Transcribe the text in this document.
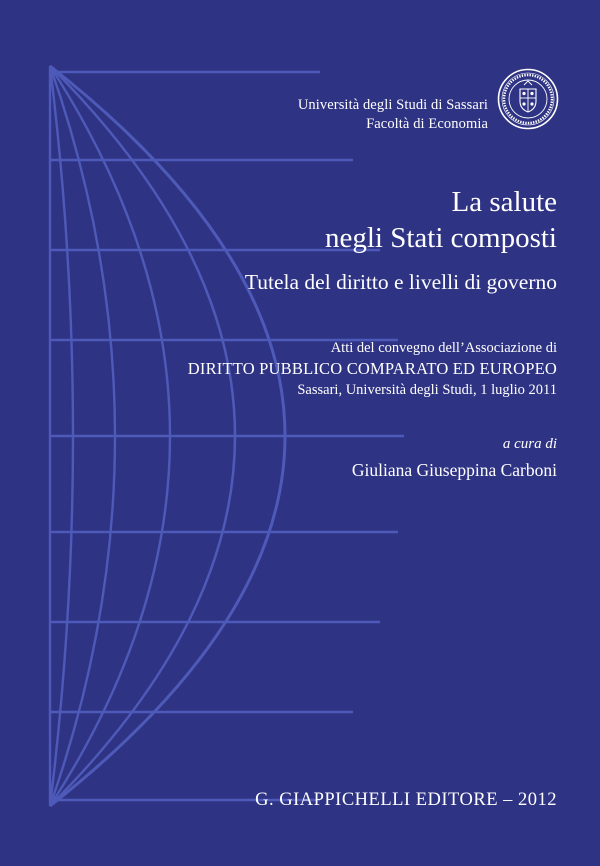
Università degli Studi di Sassari
Facoltà di Economia
La salute
negli Stati composti
Tutela del diritto e livelli di governo
Atti del convegno dell’Associazione di
DIRITTO PUBBLICO COMPARATO ED EUROPEO
Sassari, Università degli Studi, 1 luglio 2011
a cura di
Giuliana Giuseppina Carboni
G. GIAPPICHELLI EDITORE – 2012
